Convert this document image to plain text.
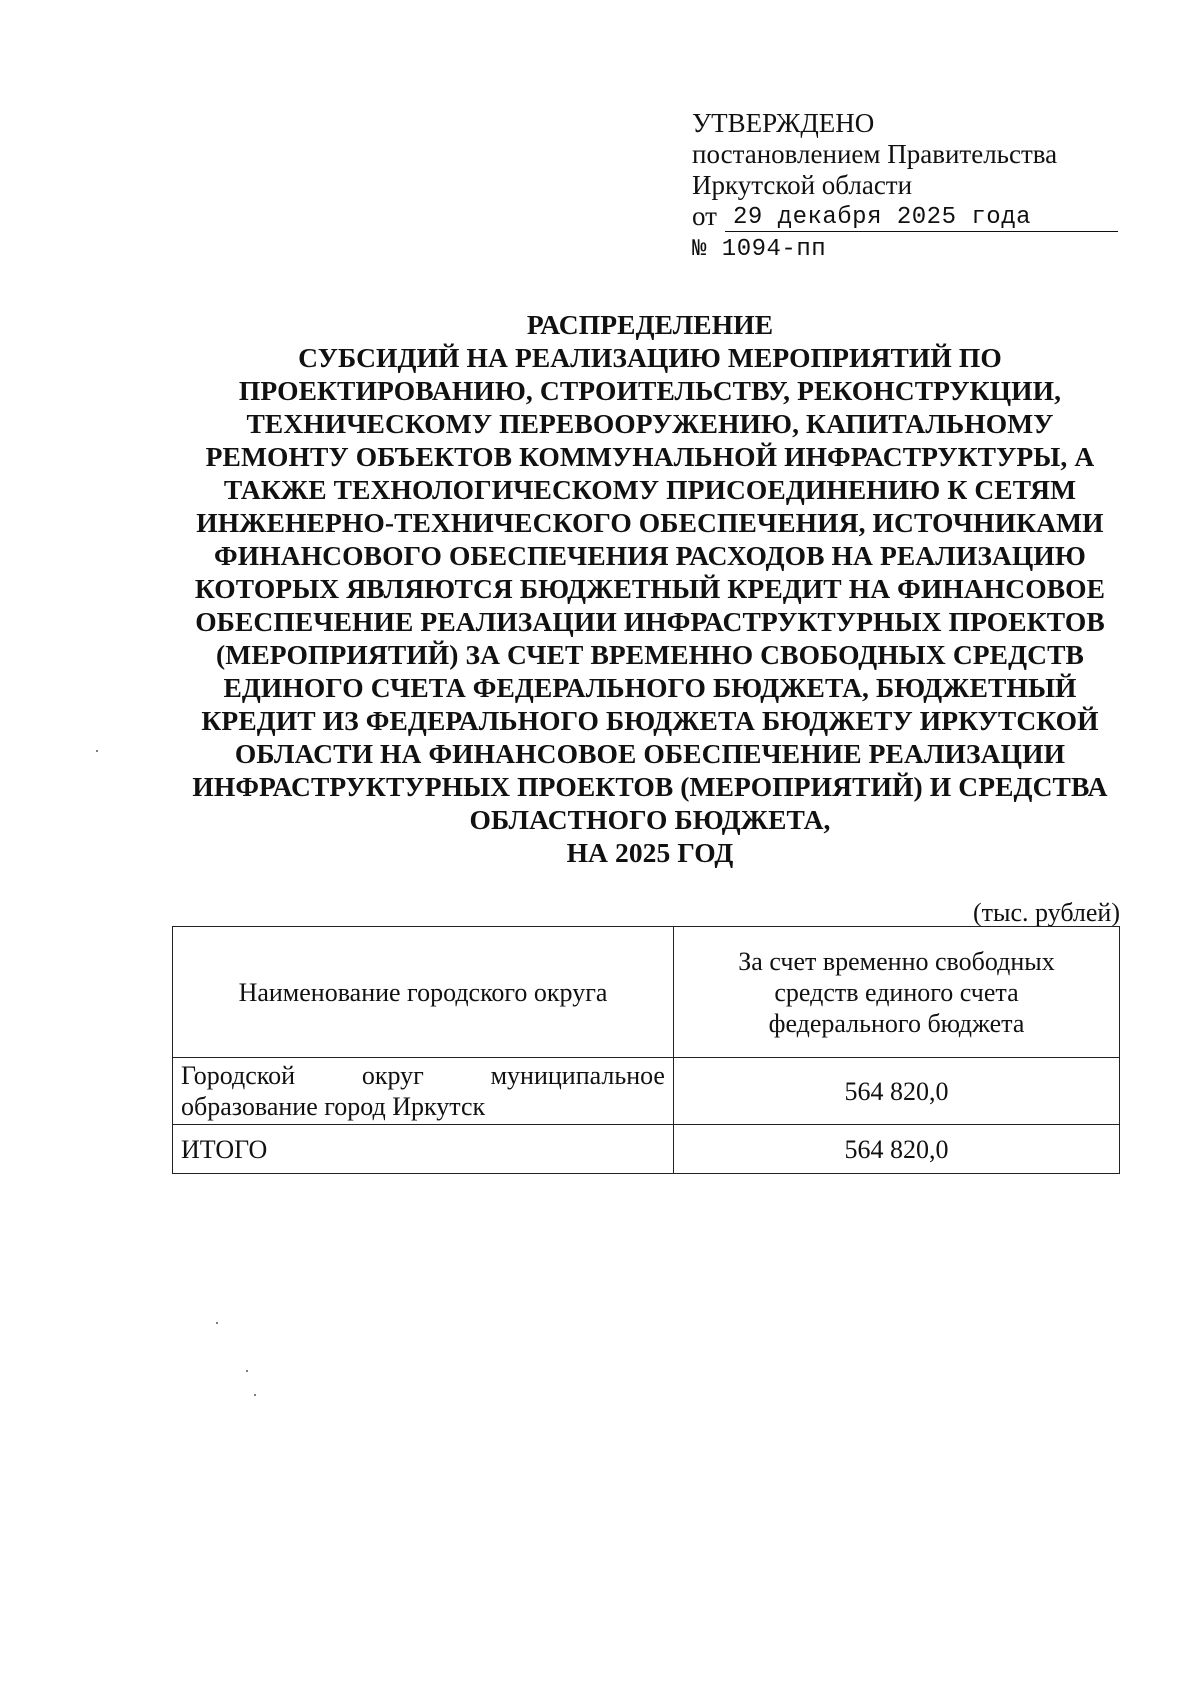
УТВЕРЖДЕНО
постановлением Правительства
Иркутской области
от 29 декабря 2025 года
№ 1094-пп
РАСПРЕДЕЛЕНИЕ
СУБСИДИЙ НА РЕАЛИЗАЦИЮ МЕРОПРИЯТИЙ ПО
ПРОЕКТИРОВАНИЮ, СТРОИТЕЛЬСТВУ, РЕКОНСТРУКЦИИ,
ТЕХНИЧЕСКОМУ ПЕРЕВООРУЖЕНИЮ, КАПИТАЛЬНОМУ
РЕМОНТУ ОБЪЕКТОВ КОММУНАЛЬНОЙ ИНФРАСТРУКТУРЫ, А
ТАКЖЕ ТЕХНОЛОГИЧЕСКОМУ ПРИСОЕДИНЕНИЮ К СЕТЯМ
ИНЖЕНЕРНО-ТЕХНИЧЕСКОГО ОБЕСПЕЧЕНИЯ, ИСТОЧНИКАМИ
ФИНАНСОВОГО ОБЕСПЕЧЕНИЯ РАСХОДОВ НА РЕАЛИЗАЦИЮ
КОТОРЫХ ЯВЛЯЮТСЯ БЮДЖЕТНЫЙ КРЕДИТ НА ФИНАНСОВОЕ
ОБЕСПЕЧЕНИЕ РЕАЛИЗАЦИИ ИНФРАСТРУКТУРНЫХ ПРОЕКТОВ
(МЕРОПРИЯТИЙ) ЗА СЧЕТ ВРЕМЕННО СВОБОДНЫХ СРЕДСТВ
ЕДИНОГО СЧЕТА ФЕДЕРАЛЬНОГО БЮДЖЕТА, БЮДЖЕТНЫЙ
КРЕДИТ ИЗ ФЕДЕРАЛЬНОГО БЮДЖЕТА БЮДЖЕТУ ИРКУТСКОЙ
ОБЛАСТИ НА ФИНАНСОВОЕ ОБЕСПЕЧЕНИЕ РЕАЛИЗАЦИИ
ИНФРАСТРУКТУРНЫХ ПРОЕКТОВ (МЕРОПРИЯТИЙ) И СРЕДСТВА
ОБЛАСТНОГО БЮДЖЕТА,
НА 2025 ГОД
(тыс. рублей)
Наименование городского округа	За счет временно свободных
средств единого счета
федерального бюджета

Городской округ муниципальное
образование город Иркутск	564 820,0
ИТОГО	564 820,0
